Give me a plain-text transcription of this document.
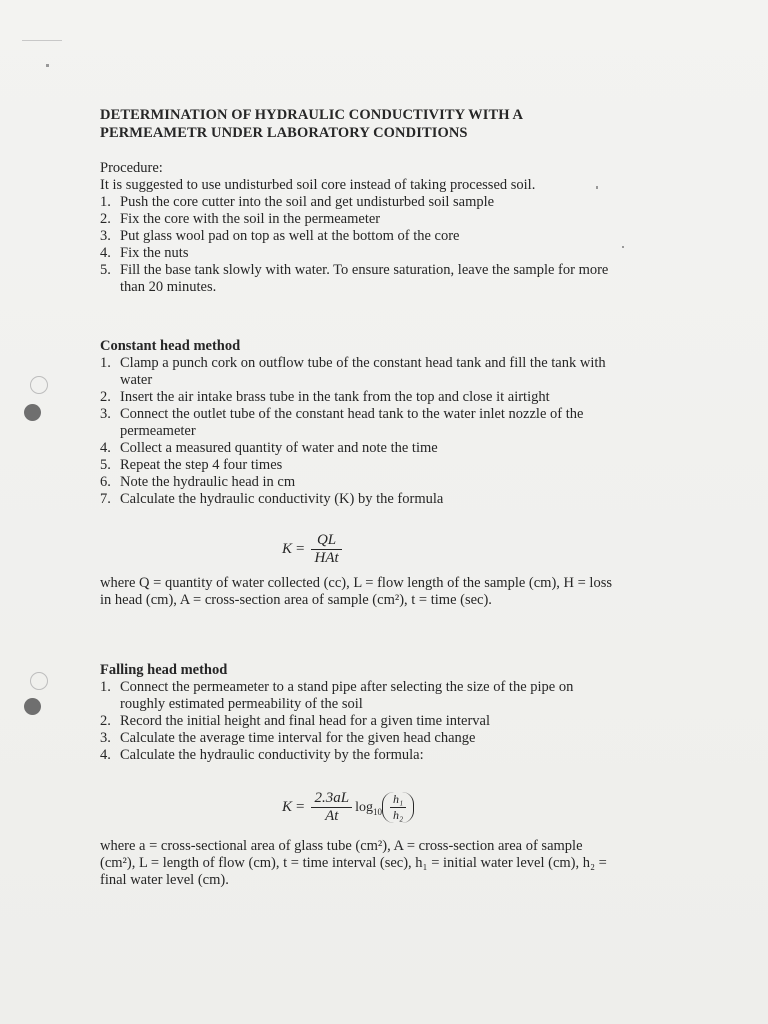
DETERMINATION OF HYDRAULIC CONDUCTIVITY WITH A
PERMEAMETR UNDER LABORATORY CONDITIONS
Procedure:
It is suggested to use undisturbed soil core instead of taking processed soil.
1. Push the core cutter into the soil and get undisturbed soil sample
2. Fix the core with the soil in the permeameter
3. Put glass wool pad on top as well at the bottom of the core
4. Fix the nuts
5. Fill the base tank slowly with water. To ensure saturation, leave the sample for more
than 20 minutes.
Constant head method
1. Clamp a punch cork on outflow tube of the constant head tank and fill the tank with
water
2. Insert the air intake brass tube in the tank from the top and close it airtight
3. Connect the outlet tube of the constant head tank to the water inlet nozzle of the
permeameter
4. Collect a measured quantity of water and note the time
5. Repeat the step 4 four times
6. Note the hydraulic head in cm
7. Calculate the hydraulic conductivity (K) by the formula
$K = \frac{QL}{\text{HAt}}$
where Q = quantity of water collected (cc), L = flow length of the sample (cm), H = loss
in head (cm), A = cross-section area of sample (cm²), t = time (sec).
Falling head method
1. Connect the permeameter to a stand pipe after selecting the size of the pipe on
roughly estimated permeability of the soil
2. Record the initial height and final head for a given time interval
3. Calculate the average time interval for the given head change
4. Calculate the hydraulic conductivity by the formula:
$K = \frac{2.3aL}{At} \log_{10} \frac{\text{h₁}}{\text{h₂}}$
where a = cross-sectional area of glass tube (cm²), A = cross-section area of sample
(cm²), L = length of flow (cm), t = time interval (sec), h₁ = initial water level (cm), h₂ =
final water level (cm).
